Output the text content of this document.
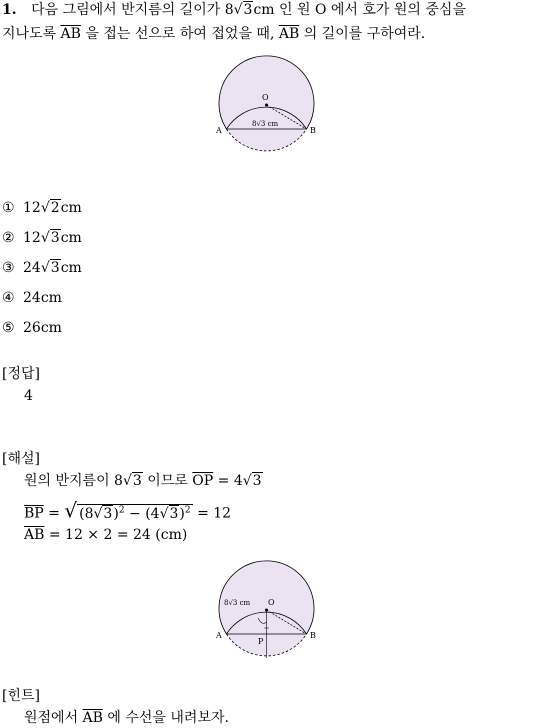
1. 다음 그림에서 반지름의 길이가 8√3cm 인 원 O 에서 호가 원의 중심을
지나도록 $\overline{AB}$ 을 접는 선으로 하여 접었을 때, $\overline{AB}$ 의 길이를 구하여라.
O
A	B
8√3 cm
① 12√2cm
② 12√3cm
③ 24√3cm
④ 24cm
⑤ 26cm
[정답]
4
[해설]
원의 반지름이 8√3 이므로 $\overline{OP} = 4√3$
$\overline{BP}$ = √ $(8√3)^2 - (4√3)^2 = 12$
$\overline{AB} = 12 \times 2 = 24$ (cm)
O
A	B
P
8√3 cm
[힌트]
원점에서 $\overline{AB}$ 에 수선을 내려보자.
